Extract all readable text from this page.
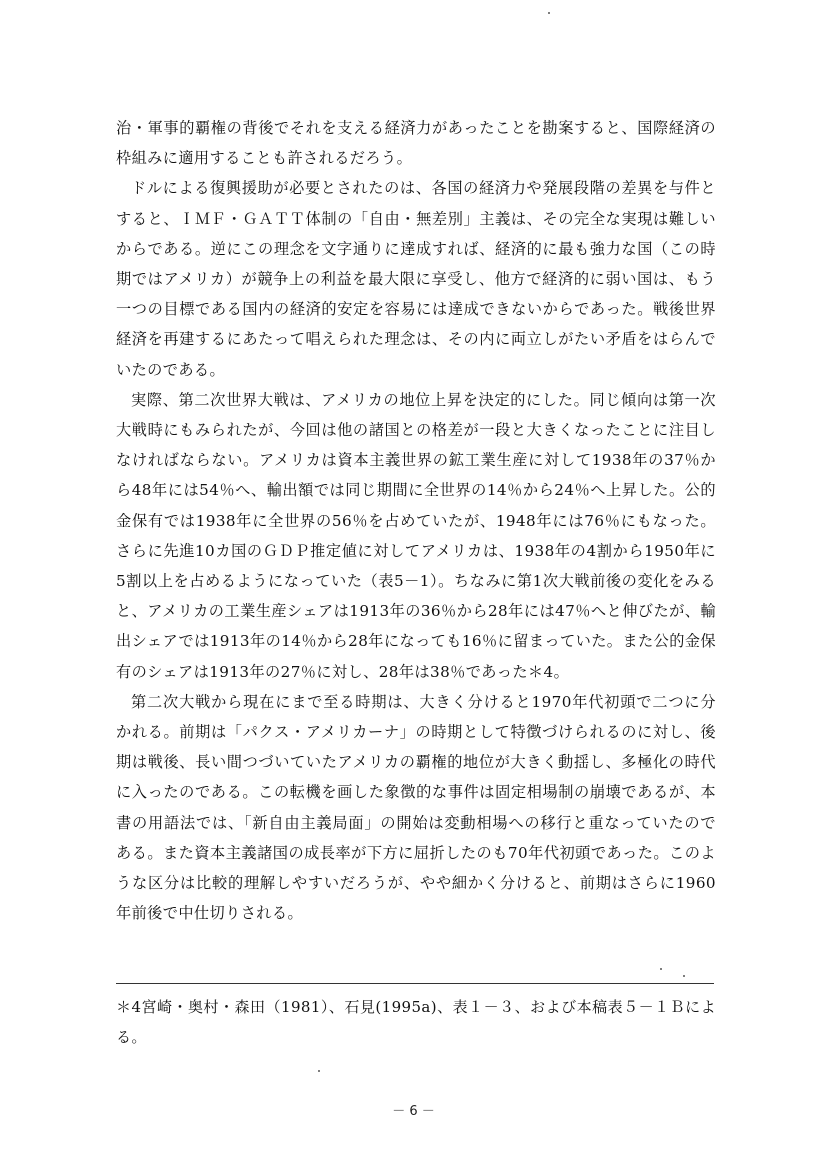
治・軍事的覇権の背後でそれを支える経済力があったことを勘案すると、国際経済の枠組みに適用することも許されるだろう。

ドルによる復興援助が必要とされたのは、各国の経済力や発展段階の差異を与件とすると、ＩＭＦ・ＧＡＴＴ体制の「自由・無差別」主義は、その完全な実現は難しいからである。逆にこの理念を文字通りに達成すれば、経済的に最も強力な国（この時期ではアメリカ）が競争上の利益を最大限に享受し、他方で経済的に弱い国は、もう一つの目標である国内の経済的安定を容易には達成できないからであった。戦後世界経済を再建するにあたって唱えられた理念は、その内に両立しがたい矛盾をはらんでいたのである。

実際、第二次世界大戦は、アメリカの地位上昇を決定的にした。同じ傾向は第一次大戦時にもみられたが、今回は他の諸国との格差が一段と大きくなったことに注目しなければならない。アメリカは資本主義世界の鉱工業生産に対して1938年の37％から48年には54％へ、輸出額では同じ期間に全世界の14％から24％へ上昇した。公的金保有では1938年に全世界の56％を占めていたが、1948年には76％にもなった。さらに先進10カ国のＧＤＰ推定値に対してアメリカは、1938年の4割から1950年に5割以上を占めるようになっていた（表5－1）。ちなみに第1次大戦前後の変化をみると、アメリカの工業生産シェアは1913年の36％から28年には47％へと伸びたが、輸出シェアでは1913年の14％から28年になっても16％に留まっていた。また公的金保有のシェアは1913年の27％に対し、28年は38％であった＊4。

第二次大戦から現在にまで至る時期は、大きく分けると1970年代初頭で二つに分かれる。前期は「パクス・アメリカーナ」の時期として特徴づけられるのに対し、後期は戦後、長い間つづいていたアメリカの覇権的地位が大きく動揺し、多極化の時代に入ったのである。この転機を画した象徴的な事件は固定相場制の崩壊であるが、本書の用語法では、「新自由主義局面」の開始は変動相場への移行と重なっていたのである。また資本主義諸国の成長率が下方に屈折したのも70年代初頭であった。このような区分は比較的理解しやすいだろうが、やや細かく分けると、前期はさらに1960年前後で中仕切りされる。

＊4宮崎・奥村・森田（1981）、石見(1995a)、表１－３、および本稿表５－１Ｂによる。

－ 6 －
